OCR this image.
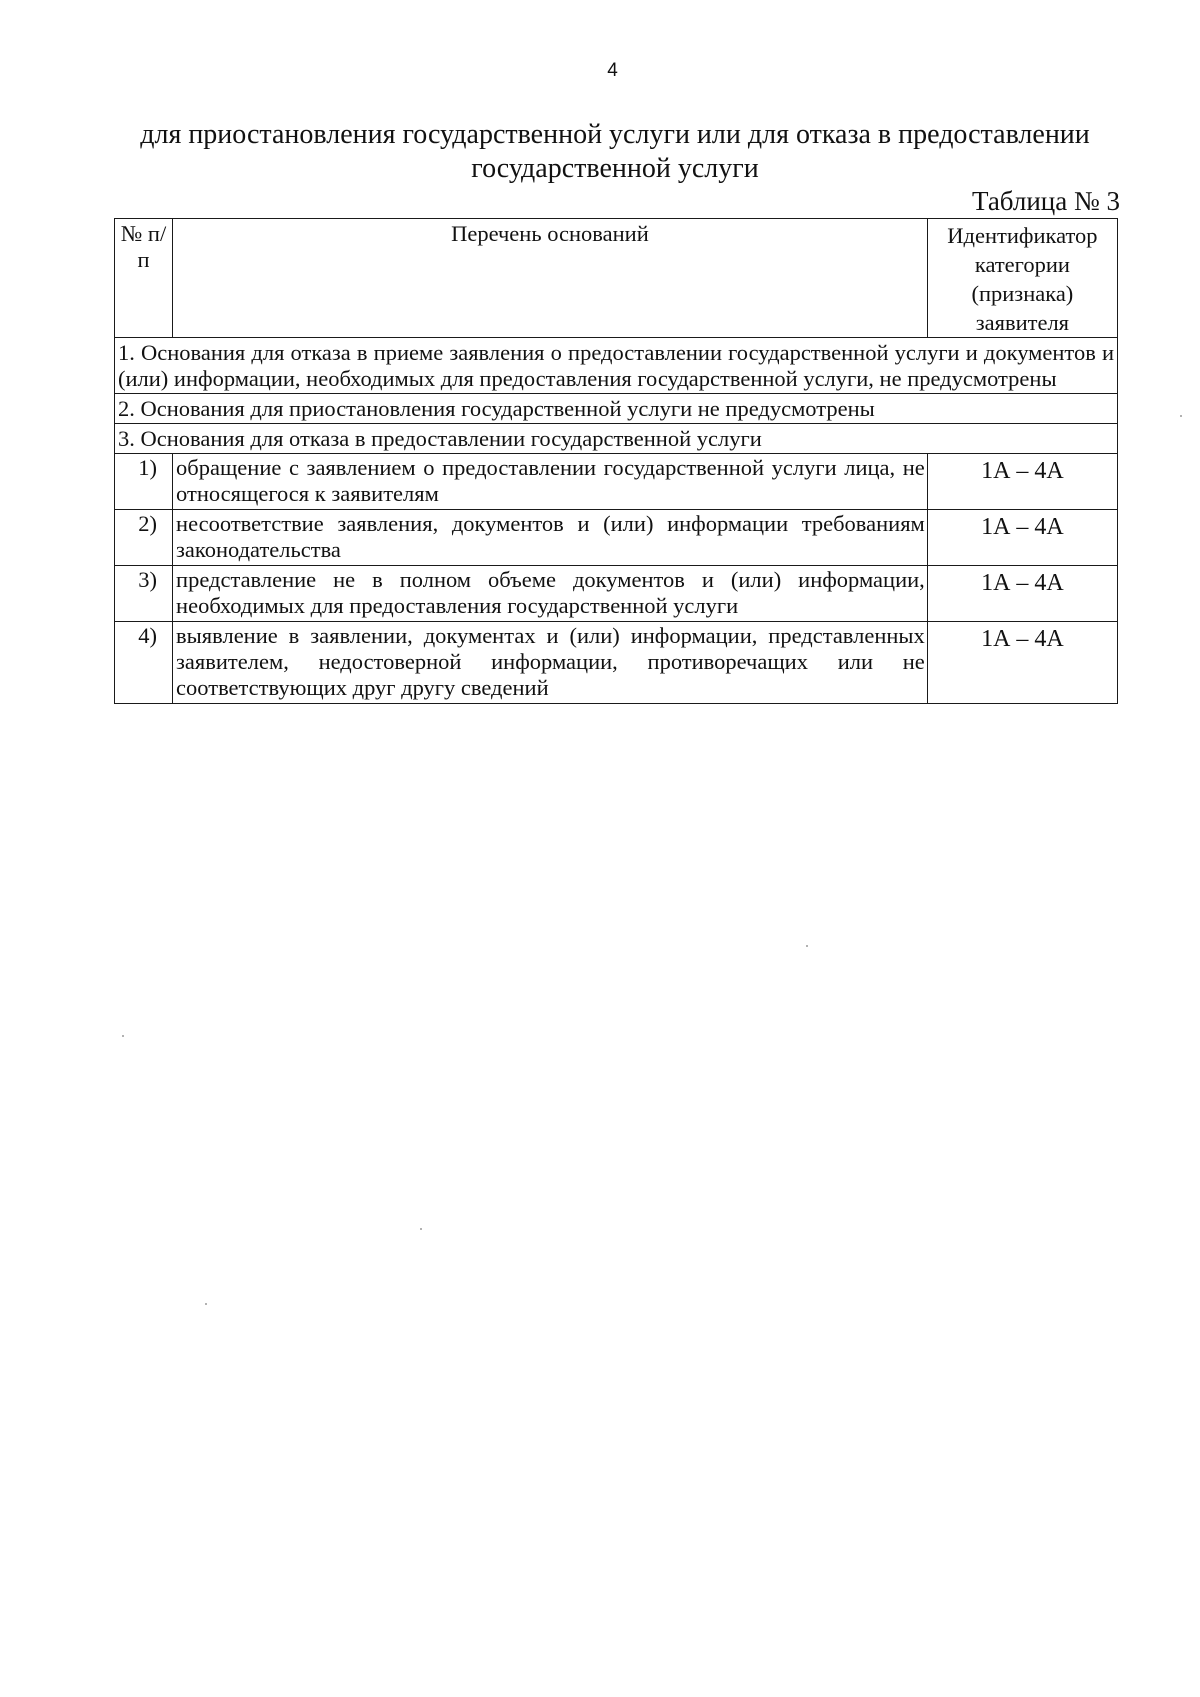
4
для приостановления государственной услуги или для отказа в предоставлении государственной услуги
Таблица № 3
№ п/п	Перечень оснований	Идентификатор категории (признака) заявителя
1. Основания для отказа в приеме заявления о предоставлении государственной услуги и документов и (или) информации, необходимых для предоставления государственной услуги, не предусмотрены		
2. Основания для приостановления государственной услуги не предусмотрены		
3. Основания для отказа в предоставлении государственной услуги		
1)	обращение с заявлением о предоставлении государственной услуги лица, не относящегося к заявителям	1А – 4А
2)	несоответствие заявления, документов и (или) информации требованиям законодательства	1А – 4А
3)	представление не в полном объеме документов и (или) информации, необходимых для предоставления государственной услуги	1А – 4А
4)	выявление в заявлении, документах и (или) информации, представленных заявителем, недостоверной информации, противоречащих или не соответствующих друг другу сведений	1А – 4А
